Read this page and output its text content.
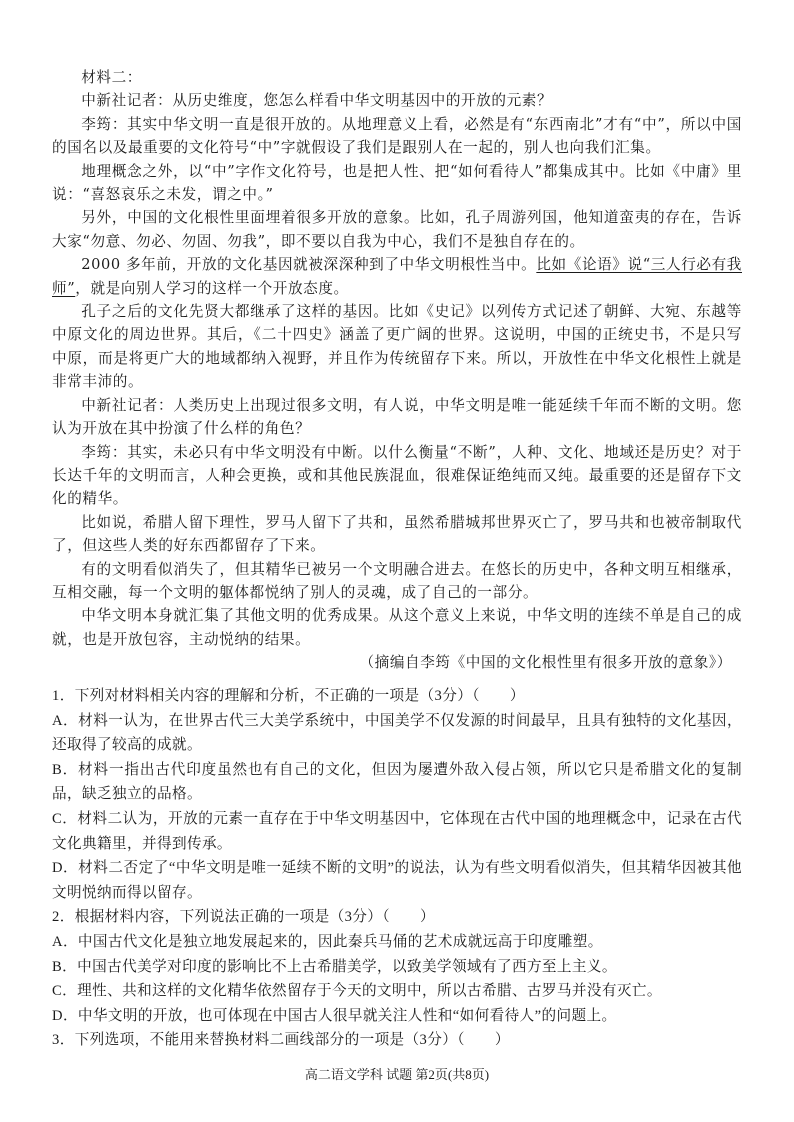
材料二：

中新社记者：从历史维度，您怎么样看中华文明基因中的开放的元素？

李筠：其实中华文明一直是很开放的。从地理意义上看，必然是有“东西南北”才有“中”，所以中国的国名以及最重要的文化符号“中”字就假设了我们是跟别人在一起的，别人也向我们汇集。

地理概念之外，以“中”字作文化符号，也是把人性、把“如何看待人”都集成其中。比如《中庸》里说：“喜怒哀乐之未发，谓之中。”

另外，中国的文化根性里面埋着很多开放的意象。比如，孔子周游列国，他知道蛮夷的存在，告诉大家“勿意、勿必、勿固、勿我”，即不要以自我为中心，我们不是独自存在的。

2000 多年前，开放的文化基因就被深深种到了中华文明根性当中。比如《论语》说“三人行必有我师”，就是向别人学习的这样一个开放态度。

孔子之后的文化先贤大都继承了这样的基因。比如《史记》以列传方式记述了朝鲜、大宛、东越等中原文化的周边世界。其后，《二十四史》涵盖了更广阔的世界。这说明，中国的正统史书，不是只写中原，而是将更广大的地域都纳入视野，并且作为传统留存下来。所以，开放性在中华文化根性上就是非常丰沛的。

中新社记者：人类历史上出现过很多文明，有人说，中华文明是唯一能延续千年而不断的文明。您认为开放在其中扮演了什么样的角色？

李筠：其实，未必只有中华文明没有中断。以什么衡量“不断”，人种、文化、地域还是历史？对于长达千年的文明而言，人种会更换，或和其他民族混血，很难保证绝纯而又纯。最重要的还是留存下文化的精华。

比如说，希腊人留下理性，罗马人留下了共和，虽然希腊城邦世界灭亡了，罗马共和也被帝制取代了，但这些人类的好东西都留存了下来。

有的文明看似消失了，但其精华已被另一个文明融合进去。在悠长的历史中，各种文明互相继承，互相交融，每一个文明的躯体都悦纳了别人的灵魂，成了自己的一部分。

中华文明本身就汇集了其他文明的优秀成果。从这个意义上来说，中华文明的连续不单是自己的成就，也是开放包容，主动悦纳的结果。

（摘编自李筠《中国的文化根性里有很多开放的意象》）

1．下列对材料相关内容的理解和分析，不正确的一项是（3分）（　　）

A．材料一认为，在世界古代三大美学系统中，中国美学不仅发源的时间最早，且具有独特的文化基因，还取得了较高的成就。

B．材料一指出古代印度虽然也有自己的文化，但因为屡遭外敌入侵占领，所以它只是希腊文化的复制品，缺乏独立的品格。

C．材料二认为，开放的元素一直存在于中华文明基因中，它体现在古代中国的地理概念中，记录在古代文化典籍里，并得到传承。

D．材料二否定了“中华文明是唯一延续不断的文明”的说法，认为有些文明看似消失，但其精华因被其他文明悦纳而得以留存。

2．根据材料内容，下列说法正确的一项是（3分）（　　）

A．中国古代文化是独立地发展起来的，因此秦兵马俑的艺术成就远高于印度雕塑。

B．中国古代美学对印度的影响比不上古希腊美学，以致美学领域有了西方至上主义。

C．理性、共和这样的文化精华依然留存于今天的文明中，所以古希腊、古罗马并没有灭亡。

D．中华文明的开放，也可体现在中国古人很早就关注人性和“如何看待人”的问题上。

3．下列选项，不能用来替换材料二画线部分的一项是（3分）（　　）

高二语文学科 试题 第2页(共8页)
